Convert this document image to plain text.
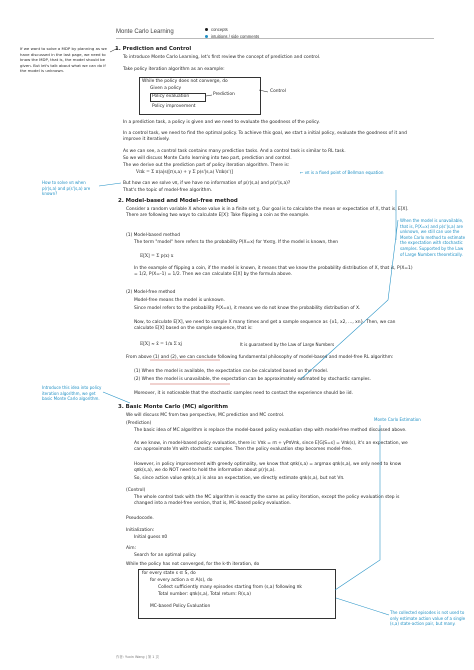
Monte Carlo Learning	concepts
intuitions / side comments
If we want to solve a MDP by planning as we have discussed in the last page, we need to know the MDP, that is, the model should be given. But let's talk about what we can do if the model is unknown.
1. Prediction and Control
To introduce Monte Carlo Learning, let's first review the concept of prediction and control.
Take policy iteration algorithm as an example:
While the policy does not converge, do
Given a policy
Policy evaluation	Prediction
Policy improvement
Control
In a prediction task, a policy is given and we need to evaluate the goodness of the policy.
In a control task, we need to find the optimal policy. To achieve this goal, we start a initial policy, evaluate the goodness of it and improve it iteratively.
As we can see, a control task contains many prediction tasks. And a control task is similar to RL task.
So we will discuss Monte Carlo learning into two part, prediction and control.
The we derive out the prediction part of policy iteration algorithm. There is:
Vπk = Σ π(a|s)[r(s,a) + γ Σ p(s'|s,a) Vπk(s')]	← νπ is a fixed point of Bellman equation
But how can we solve νπ, if we have no information of p(r|s,a) and p(s'|s,a)?
That's the topic of model-free algorithm.
2. Model-based and Model-free method
Consider a random variable X whose value is in a finite set χ. Our goal is to calculate the mean or expectation of X, that is, E[X]. There are following two ways to calculate E[X]: Take flipping a coin as the example.
(1) Model-based method
The term "model" here refers to the probability P(X=x) for ∀x∈χ. If the model is known, then
E[X] = Σ p(x) x
In the example of flipping a coin, if the model is known, it means that we know the probability distribution of X, that is, P(X=1) = 1/2, P(X=-1) = 1/2. Then we can calculate E[X] by the formula above.
(2) Model-free method
Model-free means the model is unknown.
Since model refers to the probability P(X=x), it means we do not know the probability distribution of X.
Now, to calculate E[X], we need to sample X many times and get a sample sequence as {x1, x2, ..., xn}. Then, we can calculate E[X] based on the sample sequence, that is:
E[X] ≈ x̄ = 1/n Σ xj	It is guaranteed by the Law of Large Numbers
From above (1) and (2), we can conclude following fundamental philosophy of model-based and model-free RL algorithm:
(1) When the model is available, the expectation can be calculated based on the model.
(2) When the model is unavailable, the expectation can be approximately estimated by stochastic samples.
Moreover, it is noticeable that the stochastic samples need to contact the experience should be iid.
3. Basic Monte Carlo (MC) algorithm
We will discuss MC from two perspective, MC prediction and MC control.
(Prediction)
The basic idea of MC algorithm is replace the model-based policy evaluation step with model-free method discussed above.
As we know, in model-based policy evaluation, there is: Vπk = rπ + γPπVπk, since E[G|S=s] = Vπk(s), it's an expectation, we can approximate Vπ with stochastic samples. Then the policy evaluation step becomes model-free.
However, in policy improvement with greedy optimality, we know that qπk(s,a) = argmax qπk(s,a), we only need to know qπk(s,a), we do NOT need to hold the information about p(r|s,a).
So, since action value qπk(s,a) is also an expectation, we directly estimate qπk(s,a), but not Vπ.
(Control)
The whole control task with the MC algorithm is exactly the same as policy iteration, except the policy evaluation step is changed into a model-free version, that is, MC-based policy evaluation.
Pseudocode.
Initialization:
Initial guess π0
Aim:
Search for an optimal policy.
While the policy has not converged, for the k-th iteration, do
for every state s ∈ S, do
for every action a ∈ A(s), do
Collect sufficiently many episodes starting from (s,a) following πk
Total number: qπk(s,a), Total return: R(s,a)
MC-based Policy Evaluation
How to solve νπ when p(r|s,a) and p(s'|s,a) are known?
When the model is unavailable, that is, P(X=x) and p(s'|s,a) are unknown, we still can use the Monte Carlo method to estimate the expectation with stochastic samples. Supported by the Law of Large Numbers theoretically.
Introduce this idea into policy iteration algorithm, we get basic Monte Carlo algorithm.
Monte Carlo Estimation
The collected episodes is not used to only estimate action value of a single (s,a) state-action pair, but many.
作者: Yuxin Wang | 第 1 页
